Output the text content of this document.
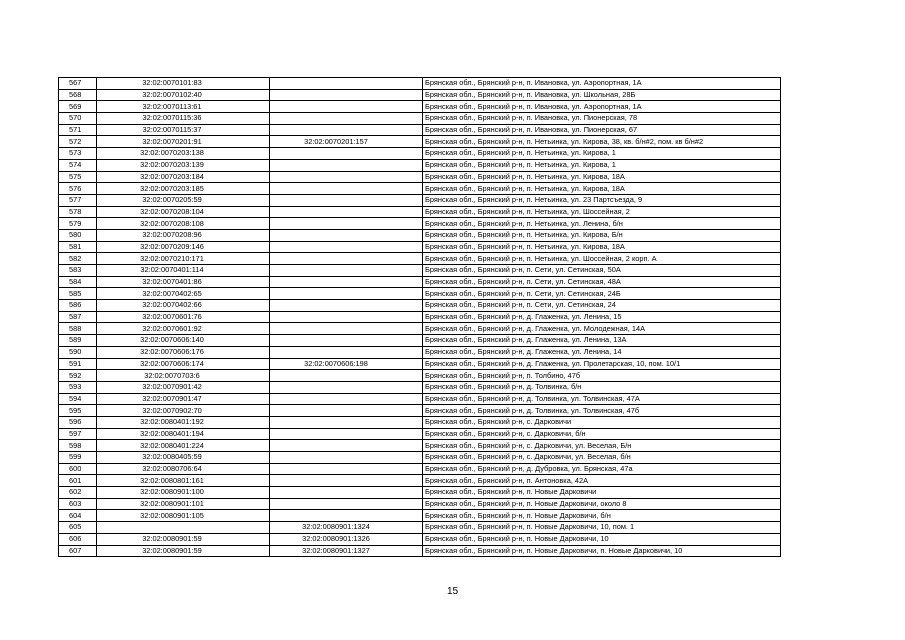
567	32:02:0070101:83		Брянская обл., Брянский р-н, п. Ивановка, ул. Аэропортная, 1А
568	32:02:0070102:40		Брянская обл., Брянский р-н, п. Ивановка, ул. Школьная, 28Б
569	32:02:0070113:61		Брянская обл., Брянский р-н, п. Ивановка, ул. Аэропортная, 1А
570	32:02:0070115:36		Брянская обл., Брянский р-н, п. Ивановка, ул. Пионерская, 78
571	32:02:0070115:37		Брянская обл., Брянский р-н, п. Ивановка, ул. Пионерская, 67
572	32:02:0070201:91	32:02:0070201:157	Брянская обл., Брянский р-н, п. Нетьинка, ул. Кирова, 38, кв. б/н#2, пом. кв б/н#2
573	32:02:0070203:138		Брянская обл., Брянский р-н, п. Нетьинка, ул. Кирова, 1
574	32:02:0070203:139		Брянская обл., Брянский р-н, п. Нетьинка, ул. Кирова, 1
575	32:02:0070203:184		Брянская обл., Брянский р-н, п. Нетьинка, ул. Кирова, 18А
576	32:02:0070203:185		Брянская обл., Брянский р-н, п. Нетьинка, ул. Кирова, 18А
577	32:02:0070205:59		Брянская обл., Брянский р-н, п. Нетьинка, ул. 23 Партсъезда, 9
578	32:02:0070208:104		Брянская обл., Брянский р-н, п. Нетьинка, ул. Шоссейная, 2
579	32:02:0070208:108		Брянская обл., Брянский р-н, п. Нетьинка, ул. Ленина, б/н
580	32:02:0070208:96		Брянская обл., Брянский р-н, п. Нетьинка, ул. Кирова, Б/н
581	32:02:0070209:146		Брянская обл., Брянский р-н, п. Нетьинка, ул. Кирова, 18А
582	32:02:0070210:171		Брянская обл., Брянский р-н, п. Нетьинка, ул. Шоссейная, 2 корп. А
583	32:02:0070401:114		Брянская обл., Брянский р-н, п. Сети, ул. Сетинская, 50А
584	32:02:0070401:86		Брянская обл., Брянский р-н, п. Сети, ул. Сетинская, 48А
585	32:02:0070402:65		Брянская обл., Брянский р-н, п. Сети, ул. Сетинская, 24Б
586	32:02:0070402:66		Брянская обл., Брянский р-н, п. Сети, ул. Сетинская, 24
587	32:02:0070601:76		Брянская обл., Брянский р-н, д. Глаженка, ул. Ленина, 15
588	32:02:0070601:92		Брянская обл., Брянский р-н, д. Глаженка, ул. Молодежная, 14А
589	32:02:0070606:140		Брянская обл., Брянский р-н, д. Глаженка, ул. Ленина, 13А
590	32:02:0070606:176		Брянская обл., Брянский р-н, д. Глаженка, ул. Ленина, 14
591	32:02:0070606:174	32:02:0070606:198	Брянская обл., Брянский р-н, д. Глаженка, ул. Пролетарская, 10, пом. 10/1
592	32:02:0070703:6		Брянская обл., Брянский р-н, п. Толбино, 47б
593	32:02:0070901:42		Брянская обл., Брянский р-н, д. Толвинка, б/н
594	32:02:0070901:47		Брянская обл., Брянский р-н, д. Толвинка, ул. Толвинская, 47А
595	32:02:0070902:70		Брянская обл., Брянский р-н, д. Толвинка, ул. Толвинская, 47б
596	32:02:0080401:192		Брянская обл., Брянский р-н, с. Дарковичи
597	32:02:0080401:194		Брянская обл., Брянский р-н, с. Дарковичи, б/н
598	32:02:0080401:224		Брянская обл., Брянский р-н, с. Дарковичи, ул. Веселая, Б/н
599	32:02:0080405:59		Брянская обл., Брянский р-н, с. Дарковичи, ул. Веселая, б/н
600	32:02:0080706:64		Брянская обл., Брянский р-н, д. Дубровка, ул. Брянская, 47а
601	32:02:0080801:161		Брянская обл., Брянский р-н, п. Антоновка, 42А
602	32:02:0080901:100		Брянская обл., Брянский р-н, п. Новые Дарковичи
603	32:02:0080901:101		Брянская обл., Брянский р-н, п. Новые Дарковичи, около 8
604	32:02:0080901:105		Брянская обл., Брянский р-н, п. Новые Дарковичи, б/н
605		32:02:0080901:1324	Брянская обл., Брянский р-н, п. Новые Дарковичи, 10, пом. 1
606	32:02:0080901:59	32:02:0080901:1326	Брянская обл., Брянский р-н, п. Новые Дарковичи, 10
607	32:02:0080901:59	32:02:0080901:1327	Брянская обл., Брянский р-н, п. Новые Дарковичи, п. Новые Дарковичи, 10
15
